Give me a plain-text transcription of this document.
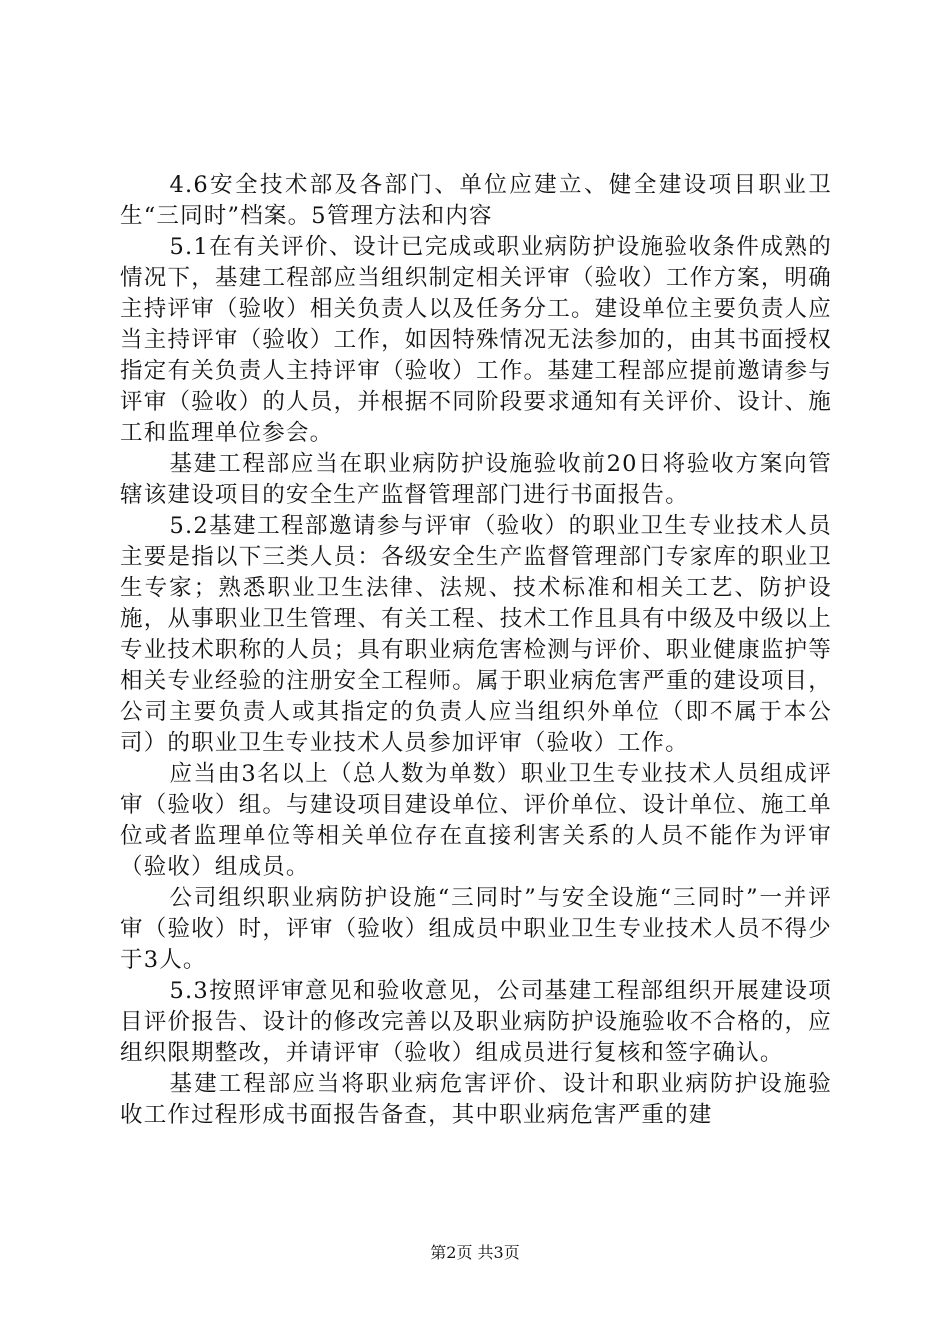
4.6安全技术部及各部门、单位应建立、健全建设项目职业卫生“三同时”档案。5管理方法和内容

5.1在有关评价、设计已完成或职业病防护设施验收条件成熟的情况下，基建工程部应当组织制定相关评审（验收）工作方案，明确主持评审（验收）相关负责人以及任务分工。建设单位主要负责人应当主持评审（验收）工作，如因特殊情况无法参加的，由其书面授权指定有关负责人主持评审（验收）工作。基建工程部应提前邀请参与评审（验收）的人员，并根据不同阶段要求通知有关评价、设计、施工和监理单位参会。

基建工程部应当在职业病防护设施验收前20日将验收方案向管辖该建设项目的安全生产监督管理部门进行书面报告。

5.2基建工程部邀请参与评审（验收）的职业卫生专业技术人员主要是指以下三类人员：各级安全生产监督管理部门专家库的职业卫生专家；熟悉职业卫生法律、法规、技术标准和相关工艺、防护设施，从事职业卫生管理、有关工程、技术工作且具有中级及中级以上专业技术职称的人员；具有职业病危害检测与评价、职业健康监护等相关专业经验的注册安全工程师。属于职业病危害严重的建设项目，公司主要负责人或其指定的负责人应当组织外单位（即不属于本公司）的职业卫生专业技术人员参加评审（验收）工作。

应当由3名以上（总人数为单数）职业卫生专业技术人员组成评审（验收）组。与建设项目建设单位、评价单位、设计单位、施工单位或者监理单位等相关单位存在直接利害关系的人员不能作为评审（验收）组成员。

公司组织职业病防护设施“三同时”与安全设施“三同时”一并评审（验收）时，评审（验收）组成员中职业卫生专业技术人员不得少于3人。

5.3按照评审意见和验收意见，公司基建工程部组织开展建设项目评价报告、设计的修改完善以及职业病防护设施验收不合格的，应组织限期整改，并请评审（验收）组成员进行复核和签字确认。

基建工程部应当将职业病危害评价、设计和职业病防护设施验收工作过程形成书面报告备查，其中职业病危害严重的建

第2页 共3页
